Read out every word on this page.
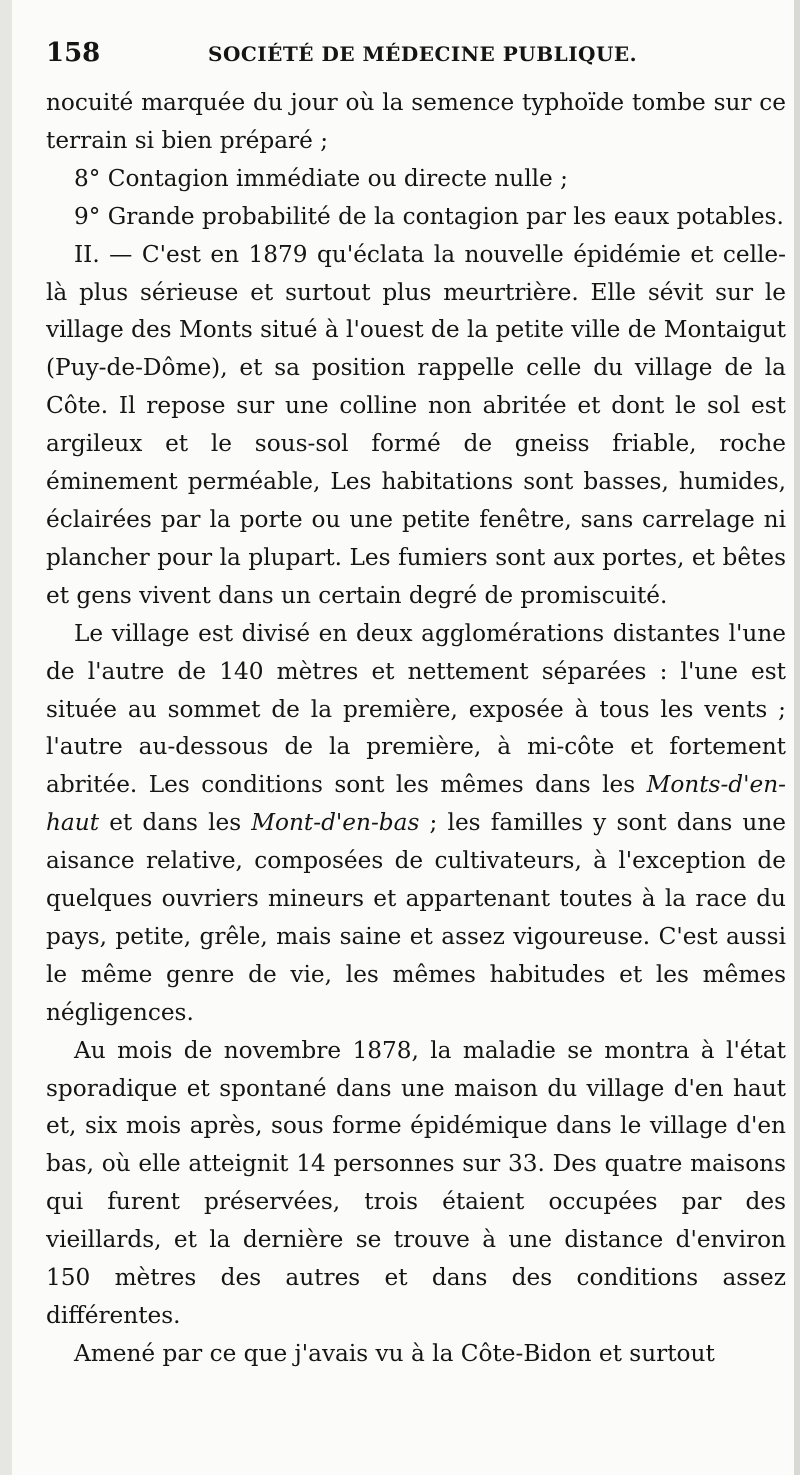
158	SOCIÉTÉ DE MÉDECINE PUBLIQUE.

nocuité marquée du jour où la semence typhoïde tombe sur ce terrain si bien préparé ;

8° Contagion immédiate ou directe nulle ;

9° Grande probabilité de la contagion par les eaux potables.

II. — C'est en 1879 qu'éclata la nouvelle épidémie et celle-là plus sérieuse et surtout plus meurtrière. Elle sévit sur le village des Monts situé à l'ouest de la petite ville de Montaigut (Puy-de-Dôme), et sa position rappelle celle du village de la Côte. Il repose sur une colline non abritée et dont le sol est argileux et le sous-sol formé de gneiss friable, roche éminement perméable, Les habitations sont basses, humides, éclairées par la porte ou une petite fenêtre, sans carrelage ni plancher pour la plupart. Les fumiers sont aux portes, et bêtes et gens vivent dans un certain degré de promiscuité.

Le village est divisé en deux agglomérations distantes l'une de l'autre de 140 mètres et nettement séparées : l'une est située au sommet de la première, exposée à tous les vents ; l'autre au-dessous de la première, à mi-côte et fortement abritée. Les conditions sont les mêmes dans les Monts-d'en-haut et dans les Mont-d'en-bas ; les familles y sont dans une aisance relative, composées de cultivateurs, à l'exception de quelques ouvriers mineurs et appartenant toutes à la race du pays, petite, grêle, mais saine et assez vigoureuse. C'est aussi le même genre de vie, les mêmes habitudes et les mêmes négligences.

Au mois de novembre 1878, la maladie se montra à l'état sporadique et spontané dans une maison du village d'en haut et, six mois après, sous forme épidémique dans le village d'en bas, où elle atteignit 14 personnes sur 33. Des quatre maisons qui furent préservées, trois étaient occupées par des vieillards, et la dernière se trouve à une distance d'environ 150 mètres des autres et dans des conditions assez différentes.

Amené par ce que j'avais vu à la Côte-Bidon et surtout
